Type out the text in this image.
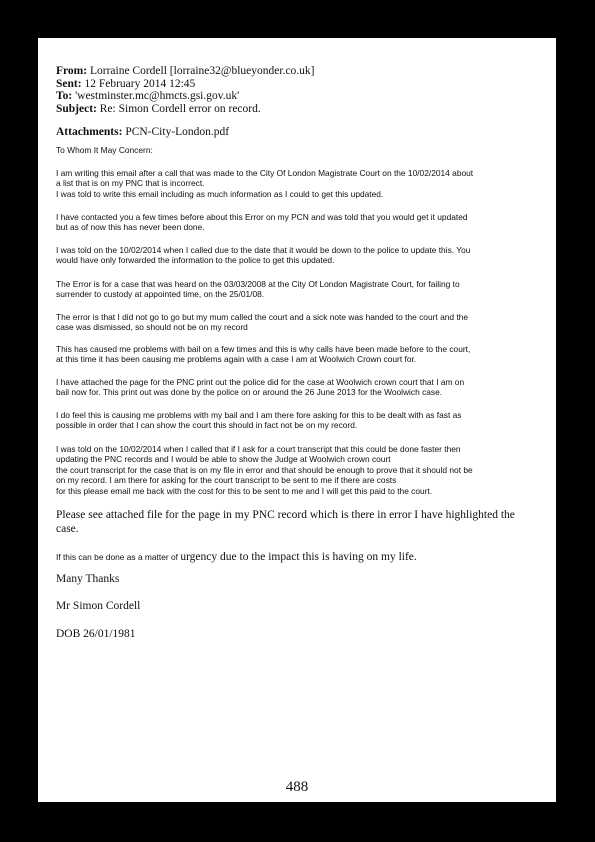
From: Lorraine Cordell [lorraine32@blueyonder.co.uk]
Sent: 12 February 2014 12:45
To: 'westminster.mc@hmcts.gsi.gov.uk'
Subject: Re: Simon Cordell error on record.
Attachments: PCN-City-London.pdf
To Whom It May Concern:
I am writing this email after a call that was made to the City Of London Magistrate Court on the 10/02/2014 about
a list that is on my PNC that is incorrect.
I was told to write this email including as much information as I could to get this updated.
I have contacted you a few times before about this Error on my PCN and was told that you would get it updated
but as of now this has never been done.
I was told on the 10/02/2014 when I called due to the date that it would be down to the police to update this. You
would have only forwarded the information to the police to get this updated.
The Error is for a case that was heard on the 03/03/2008 at the City Of London Magistrate Court, for failing to
surrender to custody at appointed time, on the 25/01/08.
The error is that I did not go to go but my mum called the court and a sick note was handed to the court and the
case was dismissed, so should not be on my record
This has caused me problems with bail on a few times and this is why calls have been made before to the court,
at this time it has been causing me problems again with a case I am at Woolwich Crown court for.
I have attached the page for the PNC print out the police did for the case at Woolwich crown court that I am on
bail now for. This print out was done by the police on or around the 26 June 2013 for the Woolwich case.
I do feel this is causing me problems with my bail and I am there fore asking for this to be dealt with as fast as
possible in order that I can show the court this should in fact not be on my record.
I was told on the 10/02/2014 when I called that if I ask for a court transcript that this could be done faster then
updating the PNC records and I would be able to show the Judge at Woolwich crown court
the court transcript for the case that is on my file in error and that should be enough to prove that it should not be
on my record. I am there for asking for the court transcript to be sent to me if there are costs
for this please email me back with the cost for this to be sent to me and I will get this paid to the court.
Please see attached file for the page in my PNC record which is there in error I have highlighted the
case.
If this can be done as a matter of urgency due to the impact this is having on my life.
Many Thanks
Mr Simon Cordell
DOB 26/01/1981
488
